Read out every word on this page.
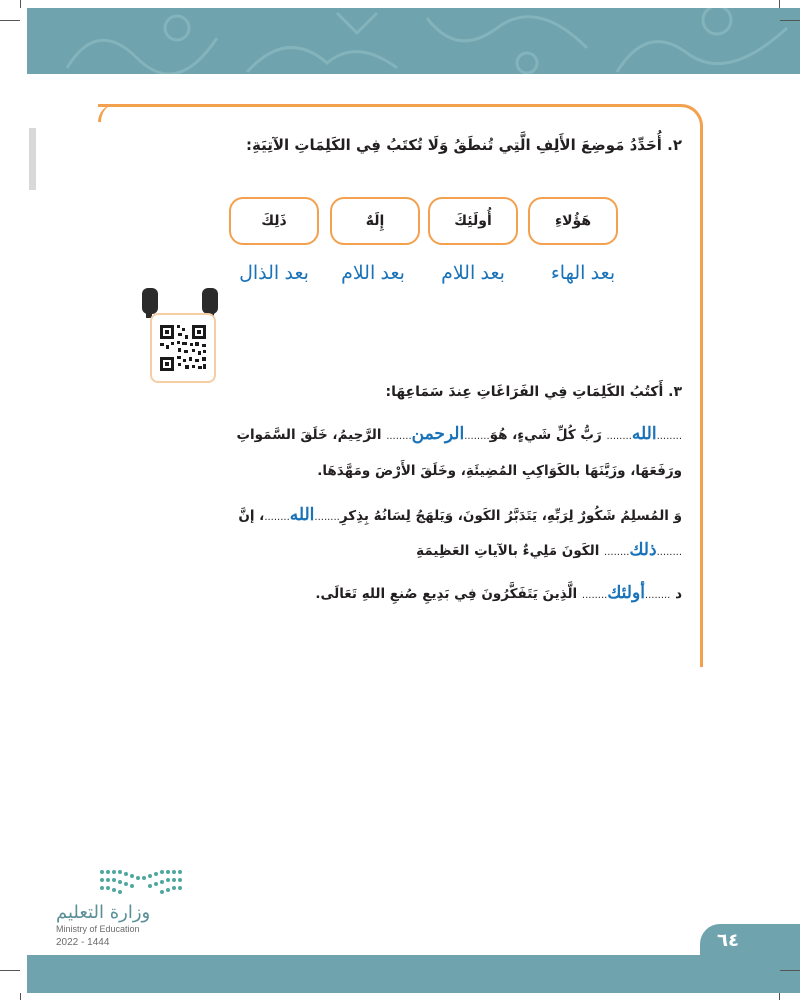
٢. أُحَدِّدُ مَوضِعَ الأَلِفِ الَّتِي تُنطَقُ وَلَا تُكتَبُ فِي الكَلِمَاتِ الآتِيَةِ:
هَؤُلاءِ
أُولَئِكَ
إِلَهٌ
ذَلِكَ
بعد الهاء
بعد اللام
بعد اللام
بعد الذال
٣. أَكتُبُ الكَلِمَاتِ فِي الفَرَاغَاتِ عِندَ سَمَاعِهَا:
........الله........ رَبُّ كُلِّ شَيءٍ، هُوَ........الرحمن........ الرَّحِيمُ، خَلَقَ السَّمَواتِ
ورَفَعَهَا، وزَيَّنَهَا بالكَوَاكِبِ المُضِيئَةِ، وخَلَقَ الأَرْضَ ومَهَّدَهَا.
وَ المُسلِمُ شَكُورٌ لِرَبِّهِ، يَتَدَبَّرُ الكَونَ، وَيَلهَجُ لِسَانُهُ بِذِكرِ........الله........، إنَّ
........ذلك........ الكَونَ مَلِيءٌ بالآياتِ العَظِيمَةِ
د ........أولئك........ الَّذِينَ يَتَفَكَّرُونَ فِي بَدِيعِ صُنعِ اللهِ تَعَالَى.
وزارة التعليم
Ministry of Education
2022 - 1444	٦٤
